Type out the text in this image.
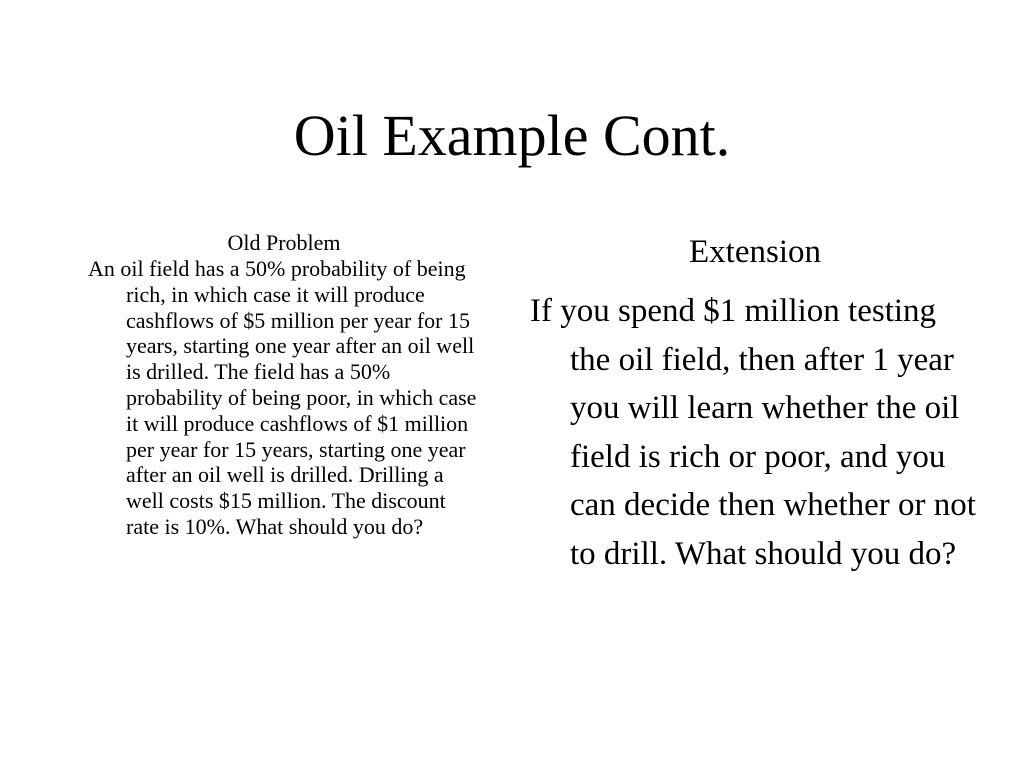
Oil Example Cont.

Old Problem

An oil field has a 50% probability of being rich, in which case it will produce cashflows of $5 million per year for 15 years, starting one year after an oil well is drilled. The field has a 50% probability of being poor, in which case it will produce cashflows of $1 million per year for 15 years, starting one year after an oil well is drilled. Drilling a well costs $15 million. The discount rate is 10%. What should you do?

Extension

If you spend $1 million testing the oil field, then after 1 year you will learn whether the oil field is rich or poor, and you can decide then whether or not to drill. What should you do?
